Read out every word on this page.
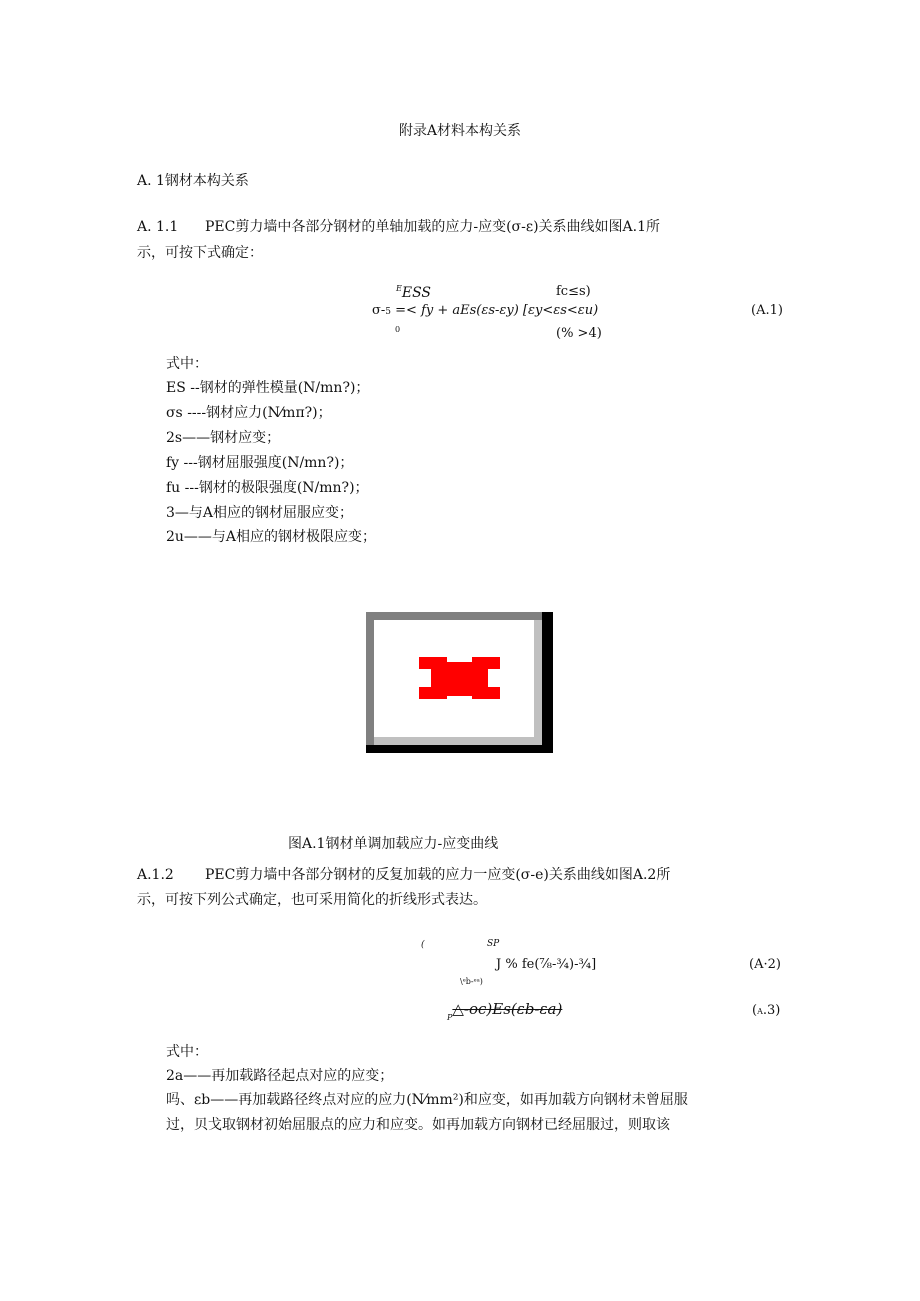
附录A材料本构关系
A. 1钢材本构关系
A. 1.1 PEC剪力墙中各部分钢材的单轴加载的应力-应变(σ-ε)关系曲线如图A.1所
示，可按下式确定：
$^E$ESS	fc≤s)
σ-5 =< fy + aEs(εs-εy) [εy<εs<εu)	(A.1)
0	(% >4)
式中：
ES --钢材的弹性模量(N/mn?)；
σs ----钢材应力(N⁄mπ?)；
2s——钢材应变；
fy ---钢材屈服强度(N/mn?)；
fu ---钢材的极限强度(N/mn?)；
3—与A相应的钢材屈服应变；
2u——与A相应的钢材极限应变；
图A.1钢材单调加载应力-应变曲线
A.1.2 PEC剪力墙中各部分钢材的反复加载的应力一应变(σ-e)关系曲线如图A.2所
示，可按下列公式确定，也可采用简化的折线形式表达。
(	SP
J % fe(⅞-¾)-¾]
\ᵉb-ᵉᵃ)
(A·2)
$_P$△-oc)Es(εb-εa)	(A.3)
式中：
2a——再加载路径起点对应的应变；
吗、εb——再加载路径终点对应的应力(N⁄mm²)和应变，如再加载方向钢材未曾屈服
过，贝戈取钢材初始屈服点的应力和应变。如再加载方向钢材已经屈服过，则取该
